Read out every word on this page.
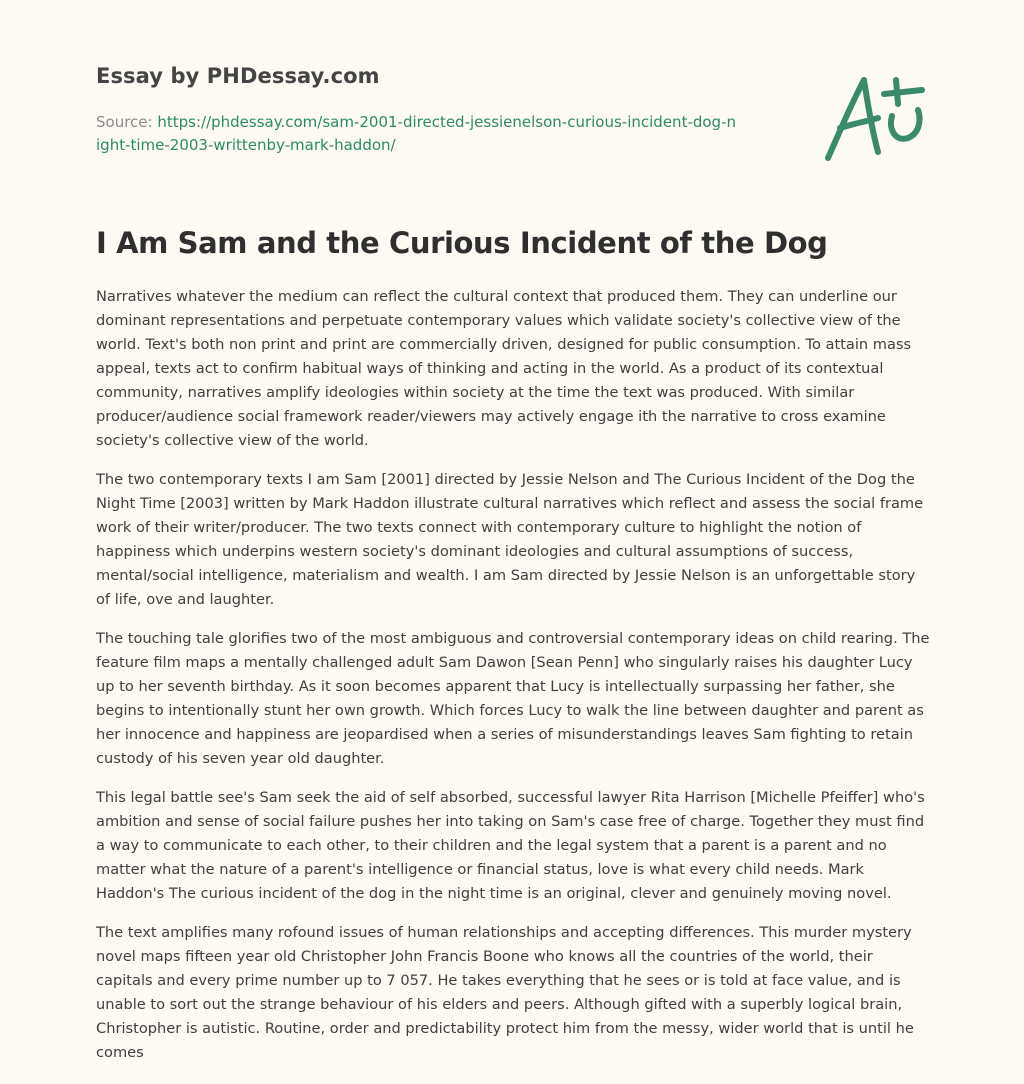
Essay by PHDessay.com

Source: https://phdessay.com/sam-2001-directed-jessienelson-curious-incident-dog-night-time-2003-writtenby-mark-haddon/

I Am Sam and the Curious Incident of the Dog

Narratives whatever the medium can reflect the cultural context that produced them. They can underline our dominant representations and perpetuate contemporary values which validate society's collective view of the world. Text's both non print and print are commercially driven, designed for public consumption. To attain mass appeal, texts act to confirm habitual ways of thinking and acting in the world. As a product of its contextual community, narratives amplify ideologies within society at the time the text was produced. With similar producer/audience social framework reader/viewers may actively engage ith the narrative to cross examine society's collective view of the world.

The two contemporary texts I am Sam [2001] directed by Jessie Nelson and The Curious Incident of the Dog the Night Time [2003] written by Mark Haddon illustrate cultural narratives which reflect and assess the social frame work of their writer/producer. The two texts connect with contemporary culture to highlight the notion of happiness which underpins western society's dominant ideologies and cultural assumptions of success, mental/social intelligence, materialism and wealth. I am Sam directed by Jessie Nelson is an unforgettable story of life, ove and laughter.

The touching tale glorifies two of the most ambiguous and controversial contemporary ideas on child rearing. The feature film maps a mentally challenged adult Sam Dawon [Sean Penn] who singularly raises his daughter Lucy up to her seventh birthday. As it soon becomes apparent that Lucy is intellectually surpassing her father, she begins to intentionally stunt her own growth. Which forces Lucy to walk the line between daughter and parent as her innocence and happiness are jeopardised when a series of misunderstandings leaves Sam fighting to retain custody of his seven year old daughter.

This legal battle see's Sam seek the aid of self absorbed, successful lawyer Rita Harrison [Michelle Pfeiffer] who's ambition and sense of social failure pushes her into taking on Sam's case free of charge. Together they must find a way to communicate to each other, to their children and the legal system that a parent is a parent and no matter what the nature of a parent's intelligence or financial status, love is what every child needs. Mark Haddon's The curious incident of the dog in the night time is an original, clever and genuinely moving novel.

The text amplifies many rofound issues of human relationships and accepting differences. This murder mystery novel maps fifteen year old Christopher John Francis Boone who knows all the countries of the world, their capitals and every prime number up to 7 057. He takes everything that he sees or is told at face value, and is unable to sort out the strange behaviour of his elders and peers. Although gifted with a superbly logical brain, Christopher is autistic. Routine, order and predictability protect him from the messy, wider world that is until he comes
